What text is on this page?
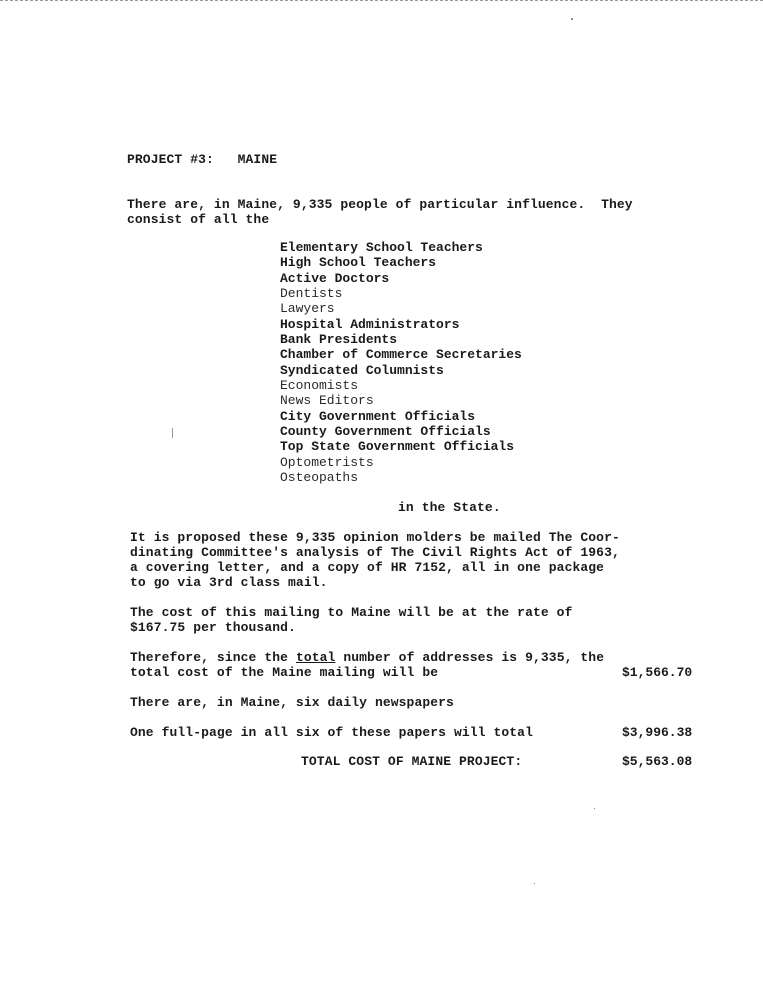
PROJECT #3:   MAINE
There are, in Maine, 9,335 people of particular influence.  They
consist of all the
Elementary School Teachers
High School Teachers
Active Doctors
Dentists
Lawyers
Hospital Administrators
Bank Presidents
Chamber of Commerce Secretaries
Syndicated Columnists
Economists
News Editors
City Government Officials
County Government Officials
Top State Government Officials
Optometrists
Osteopaths
in the State.
It is proposed these 9,335 opinion molders be mailed The Coor-
dinating Committee's analysis of The Civil Rights Act of 1963,
a covering letter, and a copy of HR 7152, all in one package
to go via 3rd class mail.
The cost of this mailing to Maine will be at the rate of
$167.75 per thousand.
Therefore, since the total number of addresses is 9,335, the
total cost of the Maine mailing will be	$1,566.70
There are, in Maine, six daily newspapers
One full-page in all six of these papers will total	$3,996.38
TOTAL COST OF MAINE PROJECT:	$5,563.08
